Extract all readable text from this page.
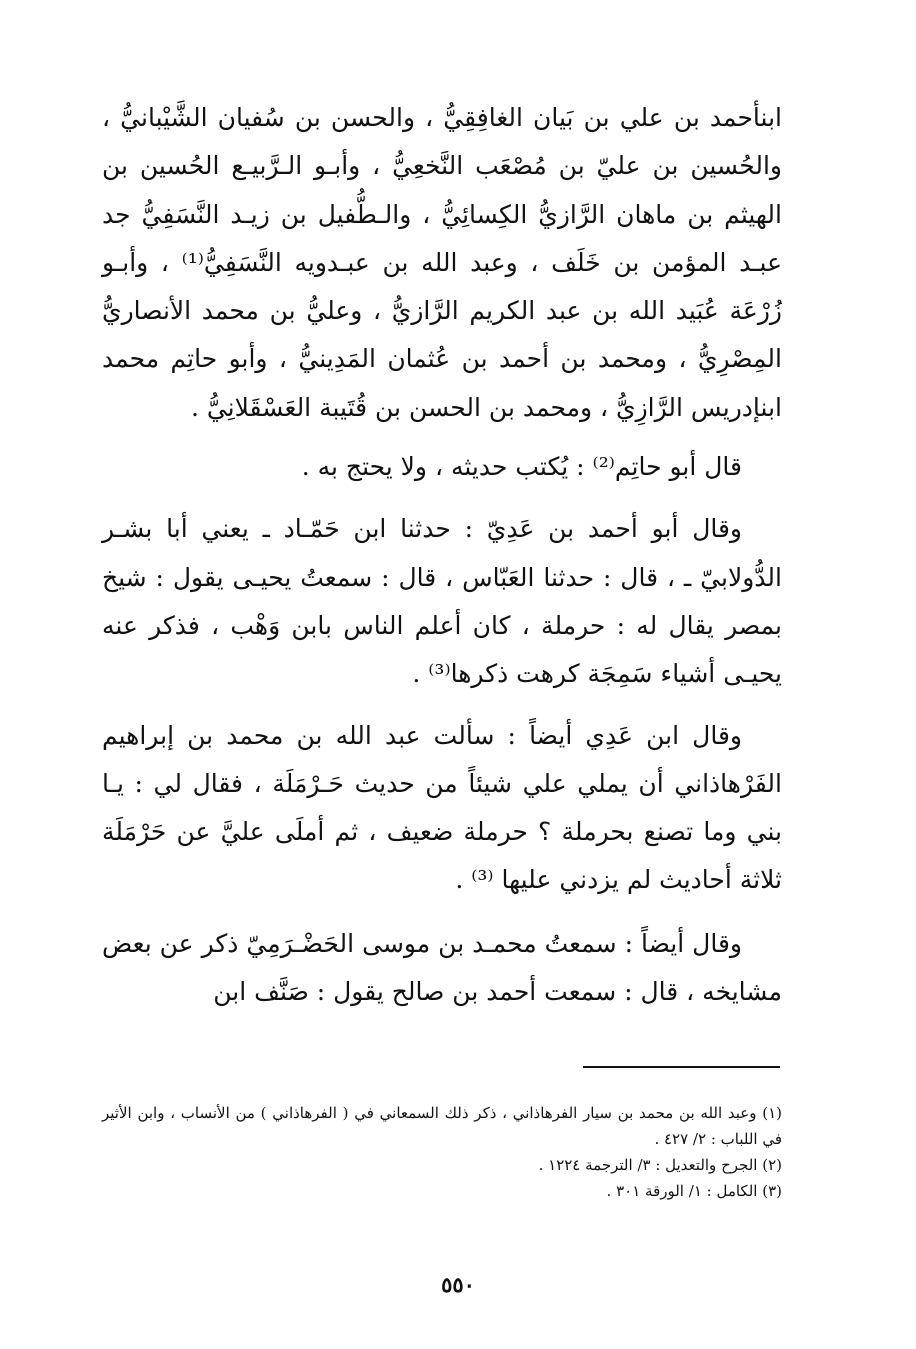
ابنأحمد بن علي بن بَيان الغافِقِيُّ ، والحسن بن سُفيان الشَّيْبانيُّ ، والحُسين بن عليّ بن مُصْعَب النَّخعِيُّ ، وأبـو الـرَّبيـع الحُسين بن الهيثم بن ماهان الرَّازيُّ الكِسائِيُّ ، والـطُّفيل بن زيـد النَّسَفِيُّ جد عبـد المؤمن بن خَلَف ، وعبد الله بن عبـدويه النَّسَفِيُّ⁽¹⁾ ، وأبـو زُرْعَة عُبَيد الله بن عبد الكريم الرَّازيُّ ، وعليُّ بن محمد الأنصاريُّ المِصْرِيُّ ، ومحمد بن أحمد بن عُثمان المَدِينيُّ ، وأبو حاتِم محمد ابنإدريس الرَّازِيُّ ، ومحمد بن الحسن بن قُتَيبة العَسْقَلانِيُّ .

قال أبو حاتِم⁽²⁾ : يُكتب حديثه ، ولا يحتج به .

وقال أبو أحمد بن عَدِيّ : حدثنا ابن حَمّـاد ـ يعني أبا بشـر الدُّولابيّ ـ ، قال : حدثنا العَبّاس ، قال : سمعتُ يحيـى يقول : شيخ بمصر يقال له : حرملة ، كان أعلم الناس بابن وَهْب ، فذكر عنه يحيـى أشياء سَمِجَة كرهت ذكرها⁽³⁾ .

وقال ابن عَدِي أيضاً : سألت عبد الله بن محمد بن إبراهيم الفَرْهاذاني أن يملي علي شيئاً من حديث حَـرْمَلَة ، فقال لي : يـا بني وما تصنع بحرملة ؟ حرملة ضعيف ، ثم أملَى عليَّ عن حَرْمَلَة ثلاثة أحاديث لم يزدني عليها ⁽³⁾ .

وقال أيضاً : سمعتُ محمـد بن موسى الحَضْـرَمِيّ ذكر عن بعض مشايخه ، قال : سمعت أحمد بن صالح يقول : صَنَّف ابن

(١) وعبد الله بن محمد بن سيار الفرهاذاني ، ذكر ذلك السمعاني في ( الفرهاذاني ) من الأنساب ، وابن الأثير في اللباب : ٢/ ٤٢٧ .

(٢) الجرح والتعديل : ٣/ الترجمة ١٢٢٤ .

(٣) الكامل : ١/ الورقة ٣٠١ .

٥٥٠
